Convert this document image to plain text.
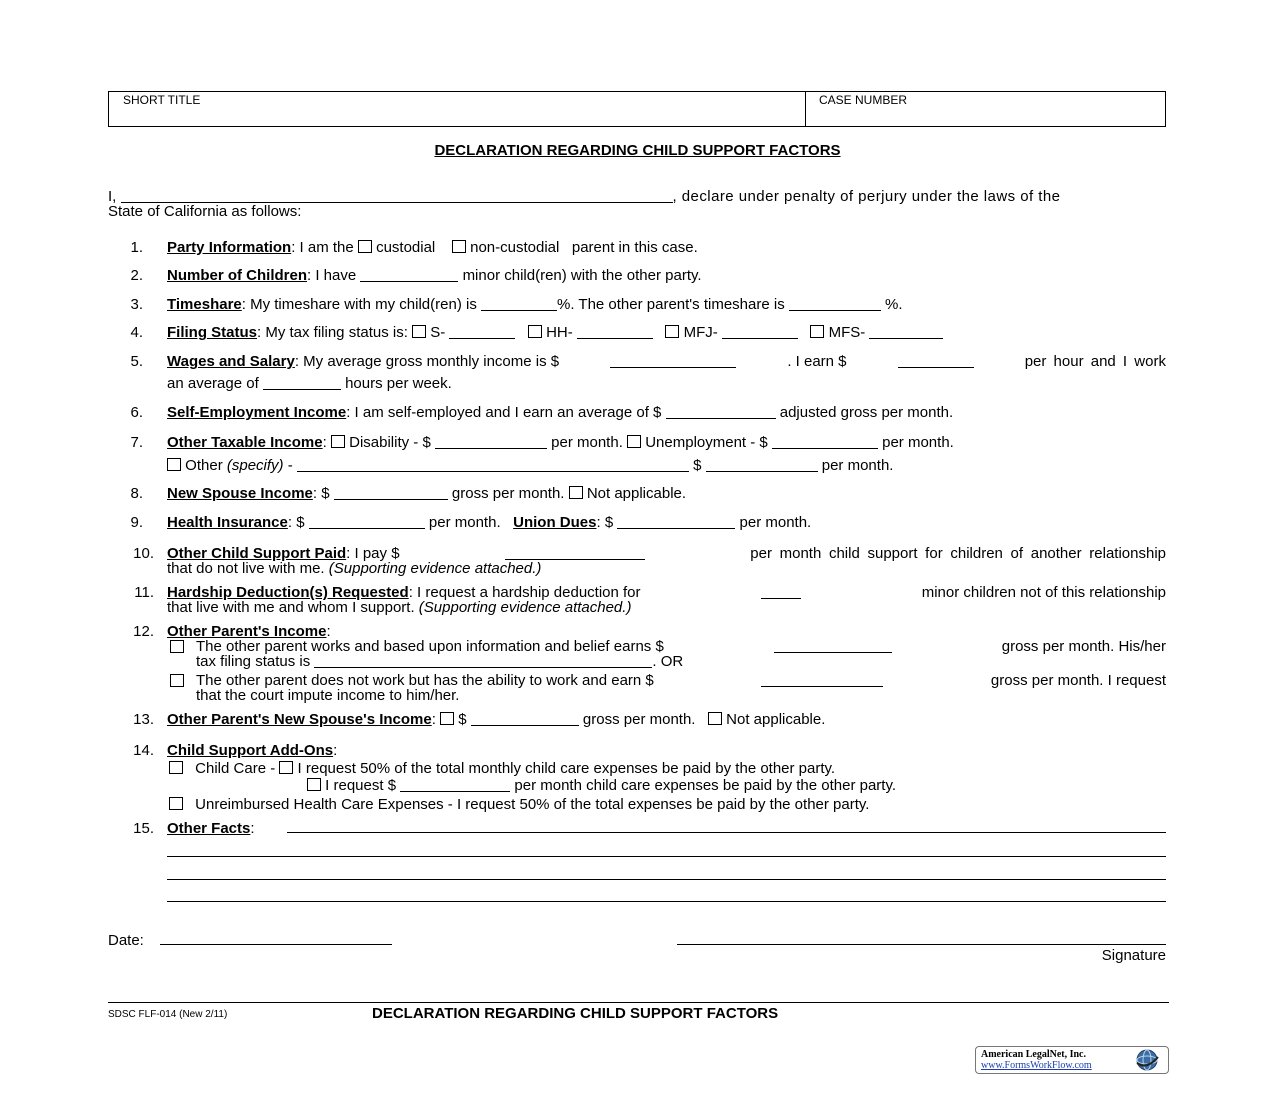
SHORT TITLE	CASE NUMBER
DECLARATION REGARDING CHILD SUPPORT FACTORS
I,	, declare under penalty of perjury under the laws of the
State of California as follows:
1. Party Information: I am the custodial non-custodial parent in this case.
2. Number of Children: I have	minor child(ren) with the other party.
3. Timeshare: My timeshare with my child(ren) is	%. The other parent's timeshare is	%.
4. Filing Status: My tax filing status is: S-	HH-	MFJ-	MFS-
5. Wages and Salary: My average gross monthly income is $	. I earn $	per hour and I work
an average of	hours per week.
6. Self-Employment Income: I am self-employed and I earn an average of $	adjusted gross per month.
7. Other Taxable Income: Disability - $	per month. Unemployment - $	per month.
Other (specify) -	$	per month.
8. New Spouse Income: $	gross per month. Not applicable.
9. Health Insurance: $	per month. Union Dues: $	per month.
10. Other Child Support Paid: I pay $	per month child support for children of another relationship
that do not live with me. (Supporting evidence attached.)
11. Hardship Deduction(s) Requested: I request a hardship deduction for	minor children not of this relationship
that live with me and whom I support. (Supporting evidence attached.)
12. Other Parent's Income:
The other parent works and based upon information and belief earns $	gross per month. His/her
tax filing status is	. OR
The other parent does not work but has the ability to work and earn $	gross per month. I request
that the court impute income to him/her.
13. Other Parent's New Spouse's Income: $	gross per month. Not applicable.
14. Child Support Add-Ons:
Child Care - I request 50% of the total monthly child care expenses be paid by the other party.
I request $	per month child care expenses be paid by the other party.
Unreimbursed Health Care Expenses - I request 50% of the total expenses be paid by the other party.
15. Other Facts:
Date:
Signature
SDSC FLF-014 (New 2/11)	DECLARATION REGARDING CHILD SUPPORT FACTORS
American LegalNet, Inc.
www.FormsWorkFlow.com
